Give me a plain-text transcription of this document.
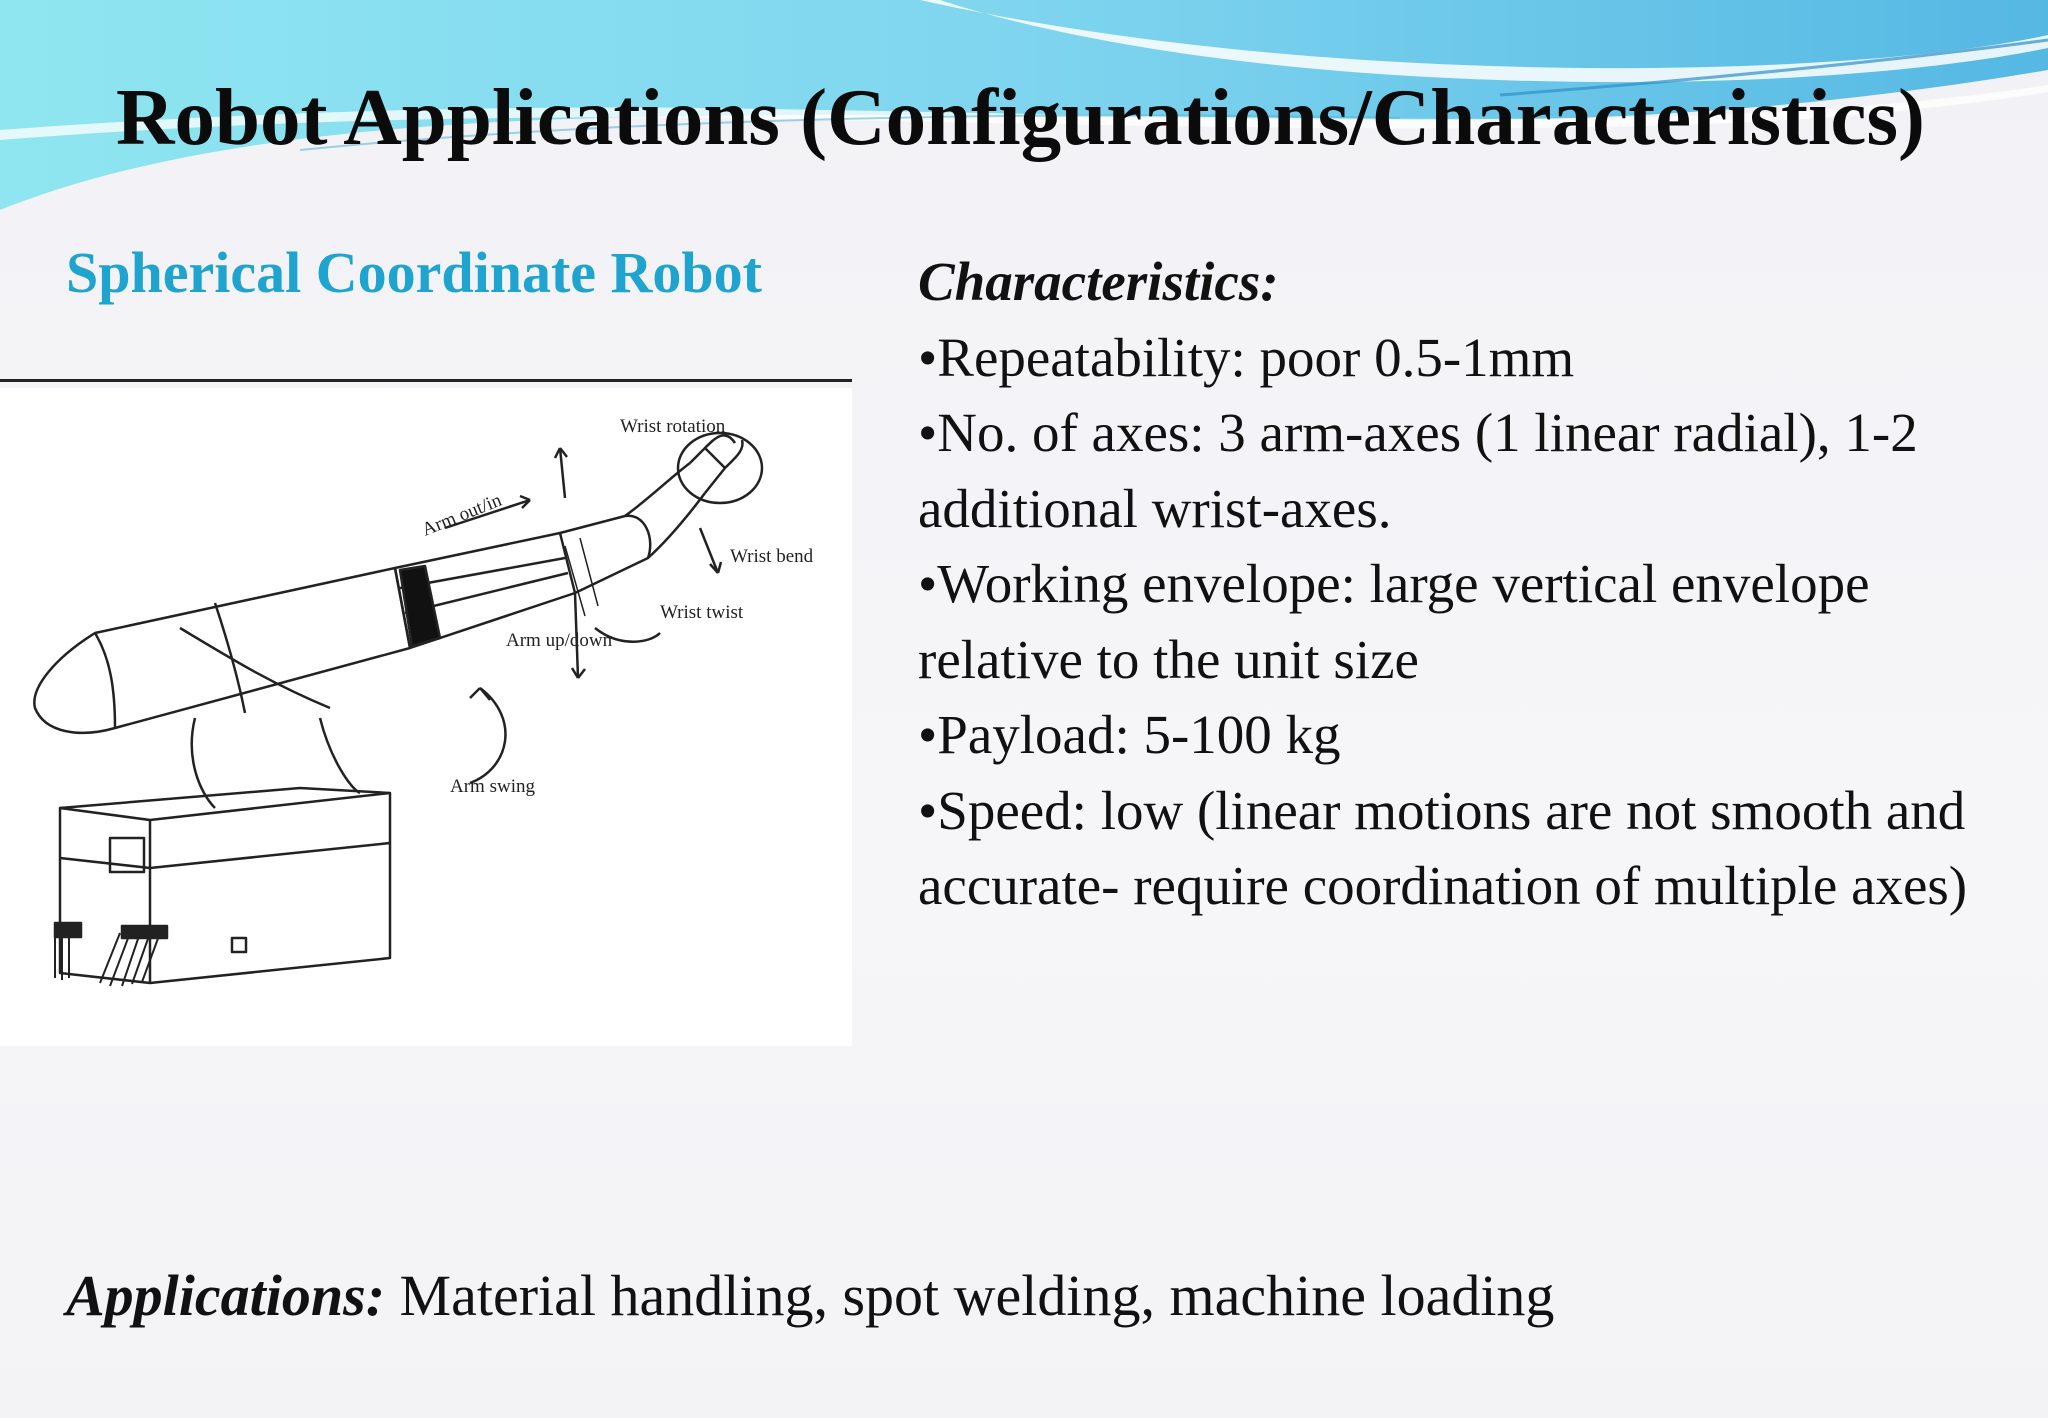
Robot Applications (Configurations/Characteristics)
Spherical Coordinate Robot
Wrist rotation
Arm out/in
Wrist bend
Wrist twist
Arm up/down
Arm swing
Characteristics:
•Repeatability: poor 0.5-1mm
•No. of axes: 3 arm-axes (1 linear radial), 1-2 additional wrist-axes.
•Working envelope: large vertical envelope relative to the unit size
•Payload: 5-100 kg
•Speed: low (linear motions are not smooth and accurate- require coordination of multiple axes)
Applications: Material handling, spot welding, machine loading
